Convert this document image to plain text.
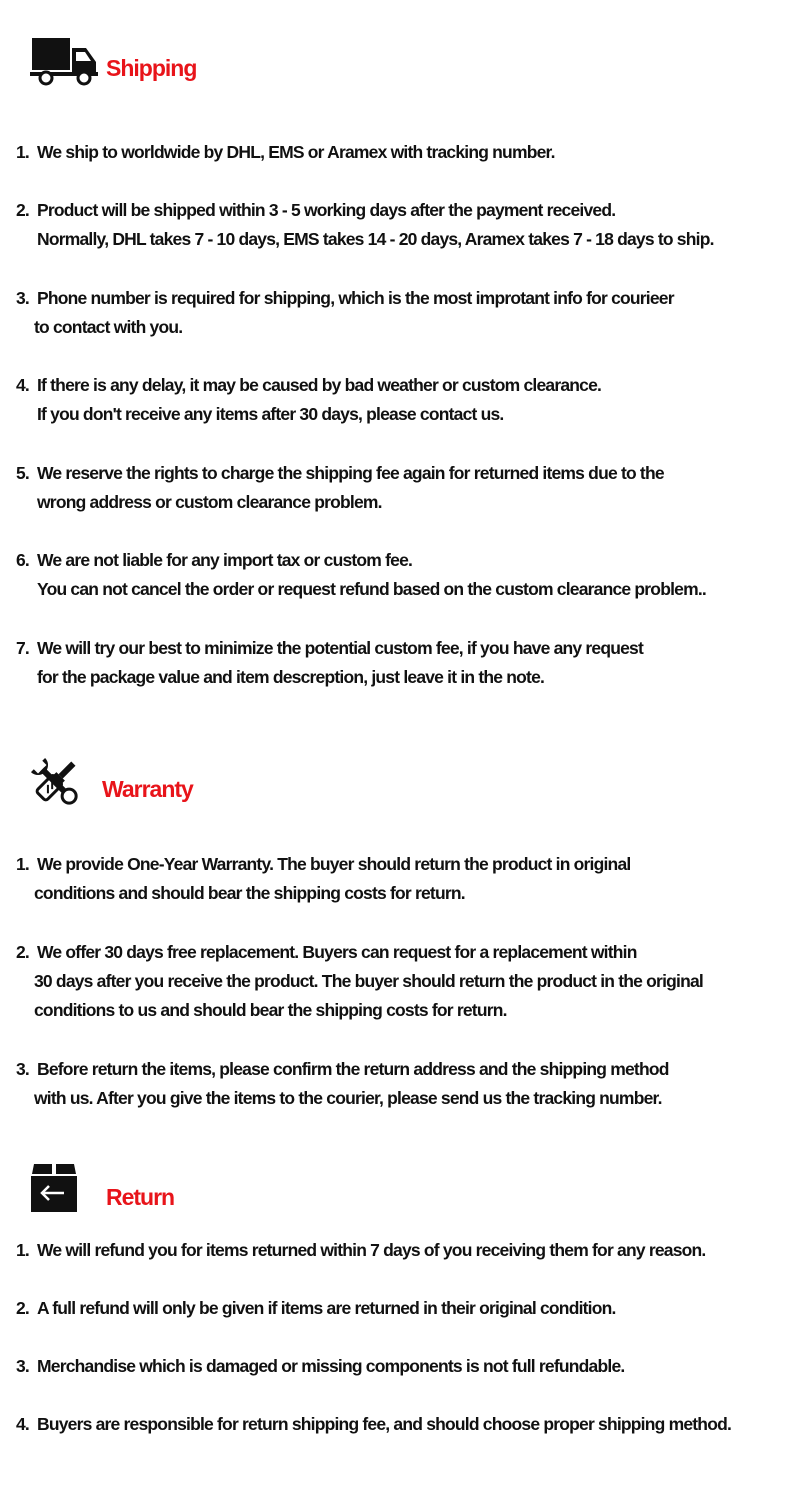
Shipping
1. We ship to worldwide by DHL, EMS or Aramex with tracking number.
2. Product will be shipped within 3 - 5 working days after the payment received.
Normally, DHL takes 7 - 10 days, EMS takes 14 - 20 days, Aramex takes 7 - 18 days to ship.
3. Phone number is required for shipping, which is the most improtant info for courieer
to contact with you.
4. If there is any delay, it may be caused by bad weather or custom clearance.
If you don't receive any items after 30 days, please contact us.
5. We reserve the rights to charge the shipping fee again for returned items due to the
wrong address or custom clearance problem.
6. We are not liable for any import tax or custom fee.
You can not cancel the order or request refund based on the custom clearance problem..
7. We will try our best to minimize the potential custom fee, if you have any request
for the package value and item descreption, just leave it in the note.
Warranty
1. We provide One-Year Warranty. The buyer should return the product in original
conditions and should bear the shipping costs for return.
2. We offer 30 days free replacement. Buyers can request for a replacement within
30 days after you receive the product. The buyer should return the product in the original
conditions to us and should bear the shipping costs for return.
3. Before return the items, please confirm the return address and the shipping method
with us. After you give the items to the courier, please send us the tracking number.
Return
1. We will refund you for items returned within 7 days of you receiving them for any reason.
2. A full refund will only be given if items are returned in their original condition.
3. Merchandise which is damaged or missing components is not full refundable.
4. Buyers are responsible for return shipping fee, and should choose proper shipping method.
